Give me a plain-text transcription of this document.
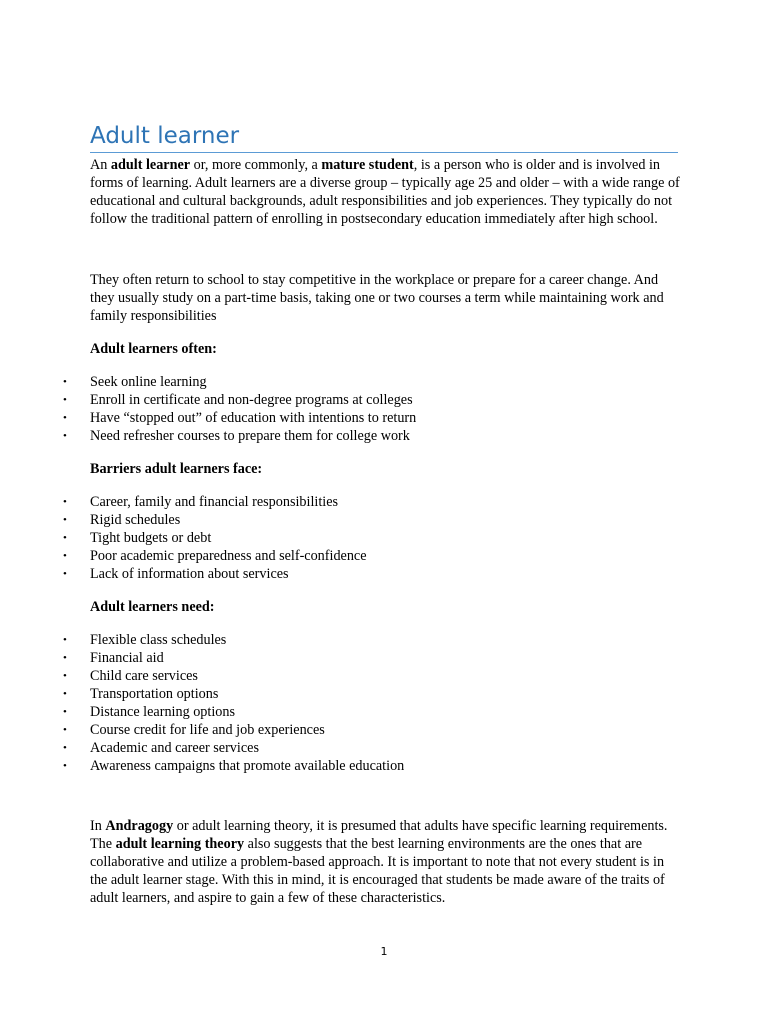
Adult learner

An adult learner or, more commonly, a mature student, is a person who is older and is involved in forms of learning. Adult learners are a diverse group – typically age 25 and older – with a wide range of educational and cultural backgrounds, adult responsibilities and job experiences. They typically do not follow the traditional pattern of enrolling in postsecondary education immediately after high school.

They often return to school to stay competitive in the workplace or prepare for a career change. And they usually study on a part-time basis, taking one or two courses a term while maintaining work and family responsibilities

Adult learners often:

• Seek online learning
• Enroll in certificate and non-degree programs at colleges
• Have “stopped out” of education with intentions to return
• Need refresher courses to prepare them for college work

Barriers adult learners face:

• Career, family and financial responsibilities
• Rigid schedules
• Tight budgets or debt
• Poor academic preparedness and self-confidence
• Lack of information about services

Adult learners need:

• Flexible class schedules
• Financial aid
• Child care services
• Transportation options
• Distance learning options
• Course credit for life and job experiences
• Academic and career services
• Awareness campaigns that promote available education

In Andragogy or adult learning theory, it is presumed that adults have specific learning requirements. The adult learning theory also suggests that the best learning environments are the ones that are collaborative and utilize a problem-based approach. It is important to note that not every student is in the adult learner stage. With this in mind, it is encouraged that students be made aware of the traits of adult learners, and aspire to gain a few of these characteristics.

1
